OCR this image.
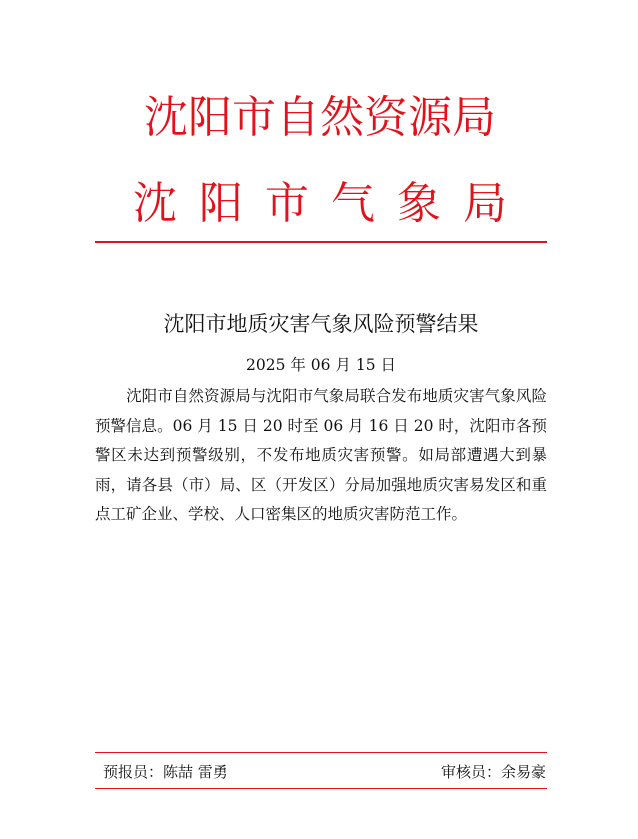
沈阳市自然资源局
沈阳市气象局
沈阳市地质灾害气象风险预警结果
2025 年 06 月 15 日
沈阳市自然资源局与沈阳市气象局联合发布地质灾害气象风险预警信息。06 月 15 日 20 时至 06 月 16 日 20 时，沈阳市各预警区未达到预警级别，不发布地质灾害预警。如局部遭遇大到暴雨，请各县（市）局、区（开发区）分局加强地质灾害易发区和重点工矿企业、学校、人口密集区的地质灾害防范工作。
预报员：陈喆 雷勇	审核员：余易豪
